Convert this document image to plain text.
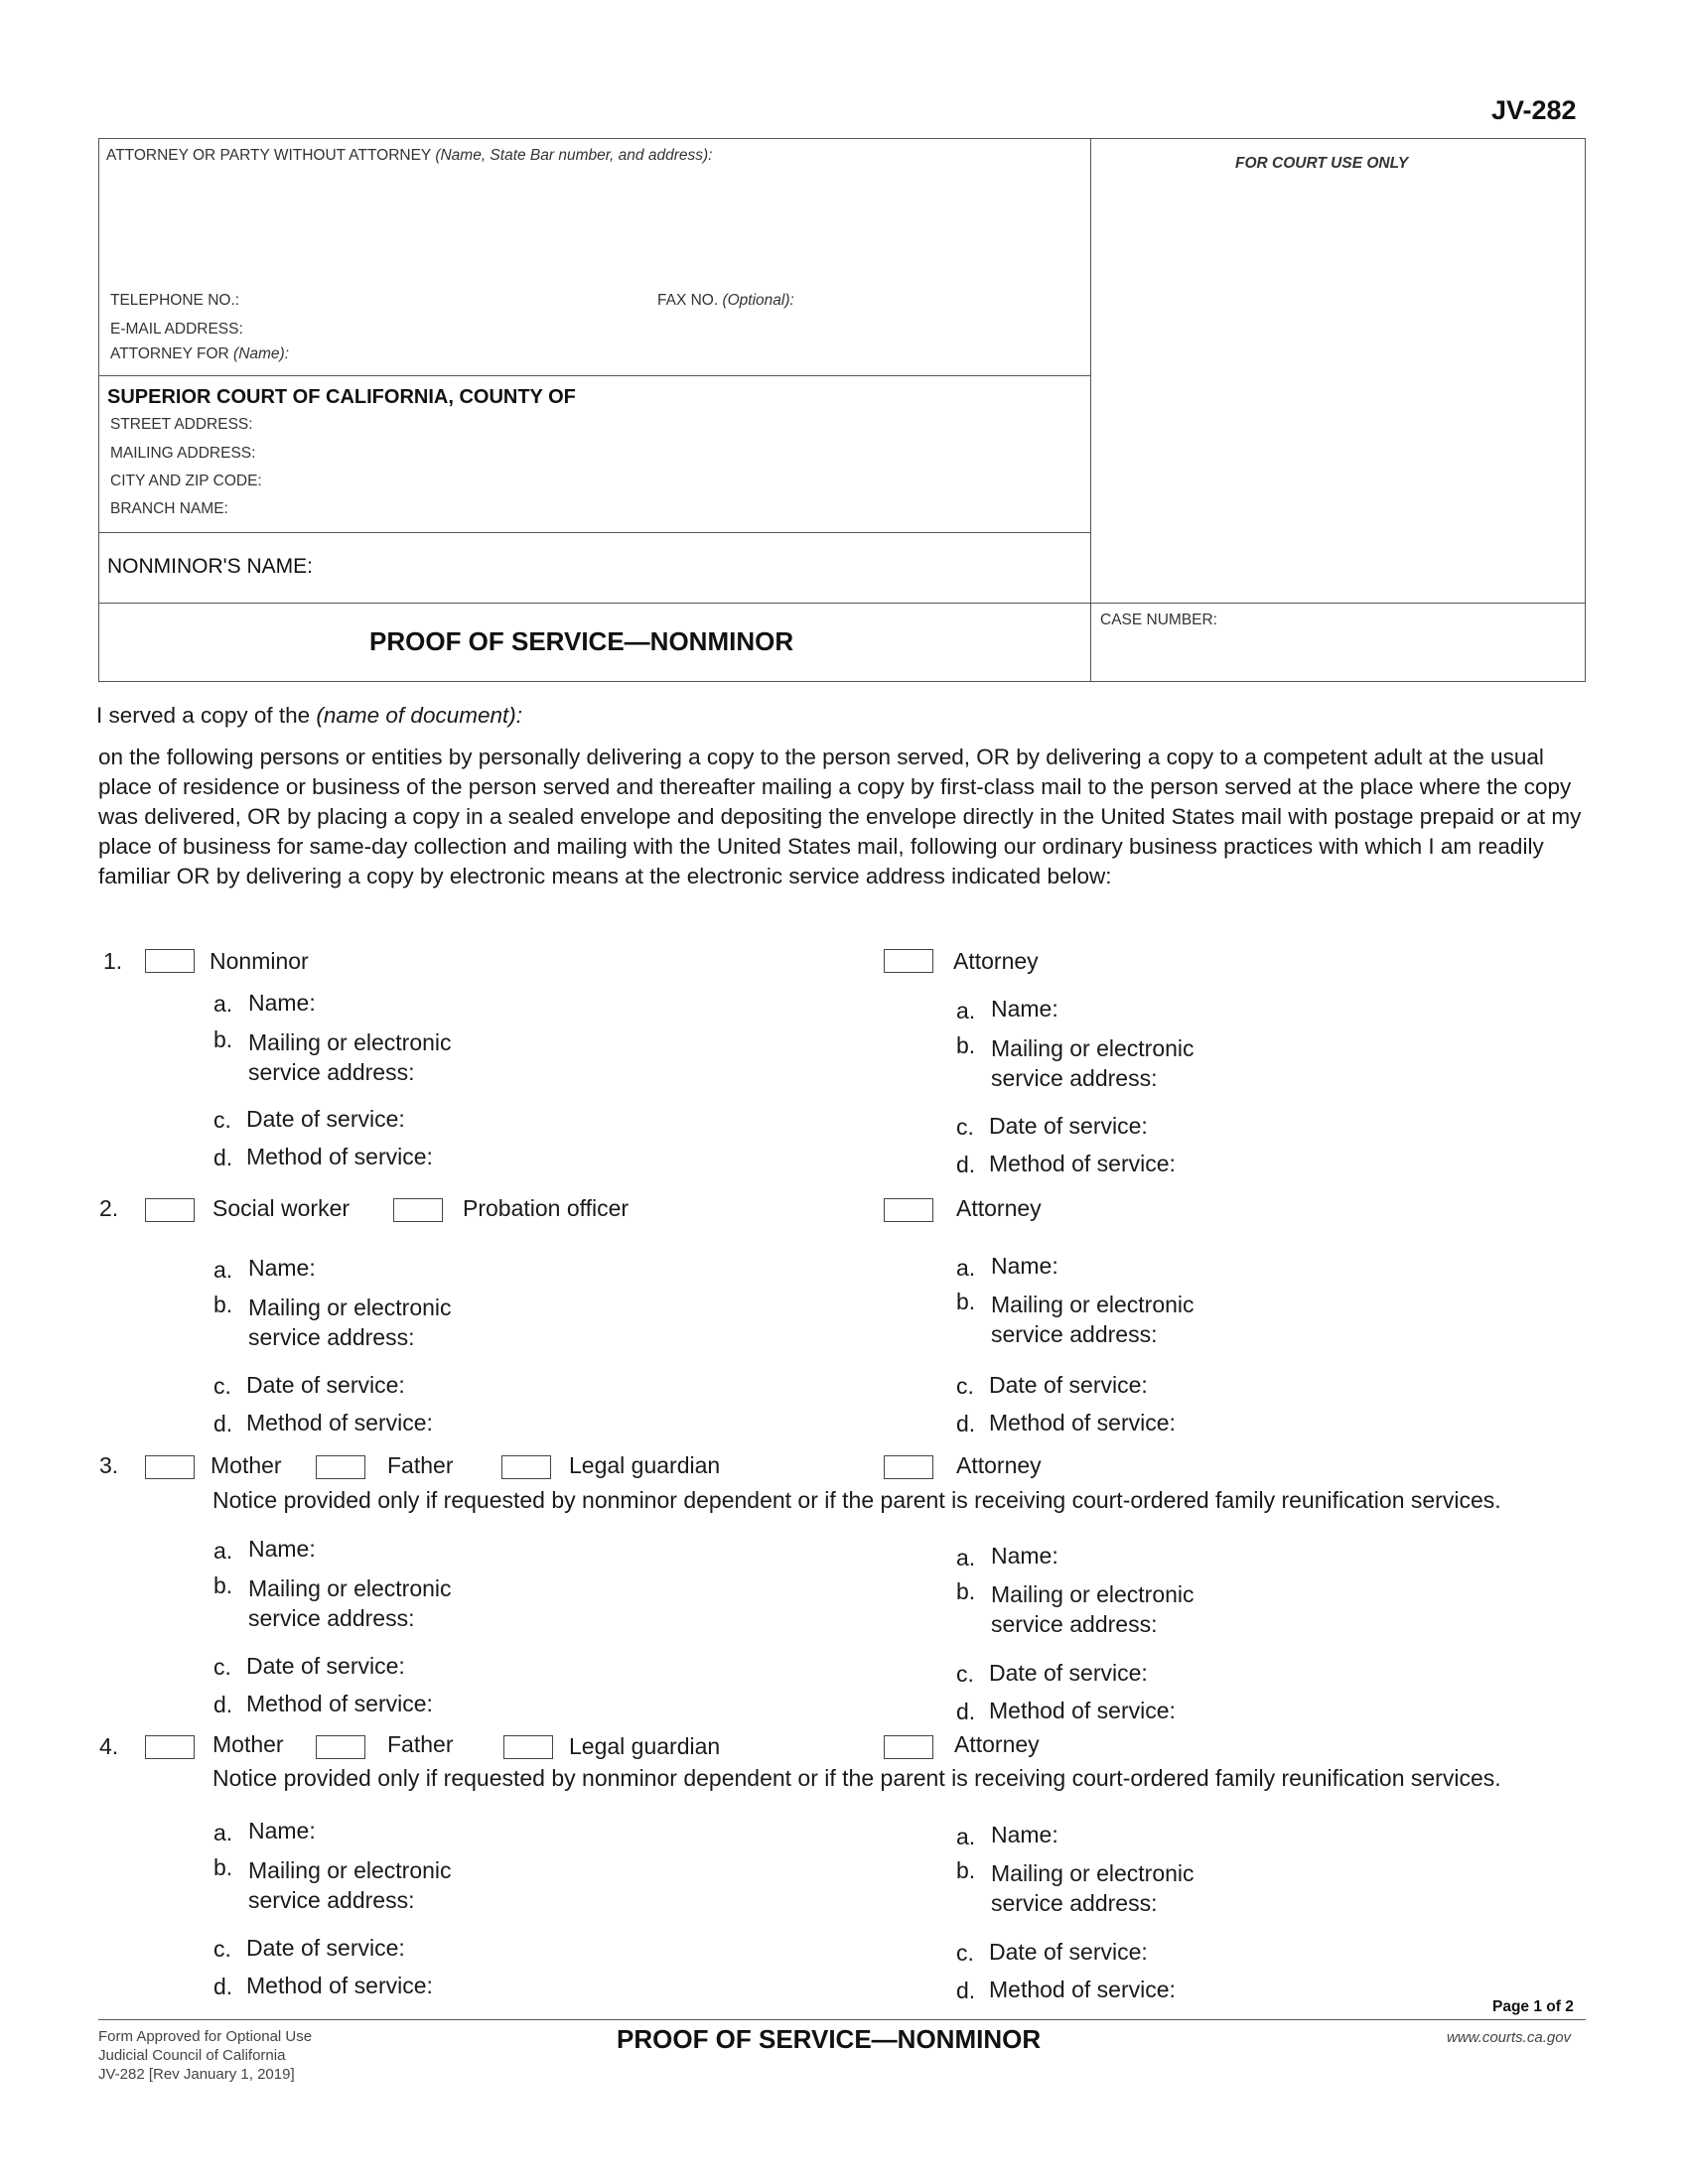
JV-282
ATTORNEY OR PARTY WITHOUT ATTORNEY (Name, State Bar number, and address):	FOR COURT USE ONLY
TELEPHONE NO.:	FAX NO. (Optional):
E-MAIL ADDRESS:
ATTORNEY FOR (Name):
SUPERIOR COURT OF CALIFORNIA, COUNTY OF
STREET ADDRESS:
MAILING ADDRESS:
CITY AND ZIP CODE:
BRANCH NAME:
NONMINOR'S NAME:
CASE NUMBER:
PROOF OF SERVICE—NONMINOR
I served a copy of the (name of document):
on the following persons or entities by personally delivering a copy to the person served, OR by delivering a copy to a competent adult at the usual place of residence or business of the person served and thereafter mailing a copy by first-class mail to the person served at the place where the copy was delivered, OR by placing a copy in a sealed envelope and depositing the envelope directly in the United States mail with postage prepaid or at my place of business for same-day collection and mailing with the United States mail, following our ordinary business practices with which I am readily familiar OR by delivering a copy by electronic means at the electronic service address indicated below:
1.	Nonminor	Attorney
a. Name:
b. Mailing or electronic
service address:
c. Date of service:
d. Method of service:
a. Name:
b. Mailing or electronic
service address:
c. Date of service:
d. Method of service:
2.	Social worker	Probation officer	Attorney
a. Name:
b. Mailing or electronic
service address:
c. Date of service:
d. Method of service:
a. Name:
b. Mailing or electronic
service address:
c. Date of service:
d. Method of service:
3.	Mother	Father	Legal guardian	Attorney
Notice provided only if requested by nonminor dependent or if the parent is receiving court-ordered family reunification services.
a. Name:
b. Mailing or electronic
service address:
c. Date of service:
d. Method of service:
a. Name:
b. Mailing or electronic
service address:
c. Date of service:
d. Method of service:
4.	Mother	Father	Legal guardian	Attorney
Notice provided only if requested by nonminor dependent or if the parent is receiving court-ordered family reunification services.
a. Name:
b. Mailing or electronic
service address:
c. Date of service:
d. Method of service:
a. Name:
b. Mailing or electronic
service address:
c. Date of service:
d. Method of service:
Page 1 of 2
Form Approved for Optional Use
Judicial Council of California
JV-282 [Rev January 1, 2019]
PROOF OF SERVICE—NONMINOR	www.courts.ca.gov
